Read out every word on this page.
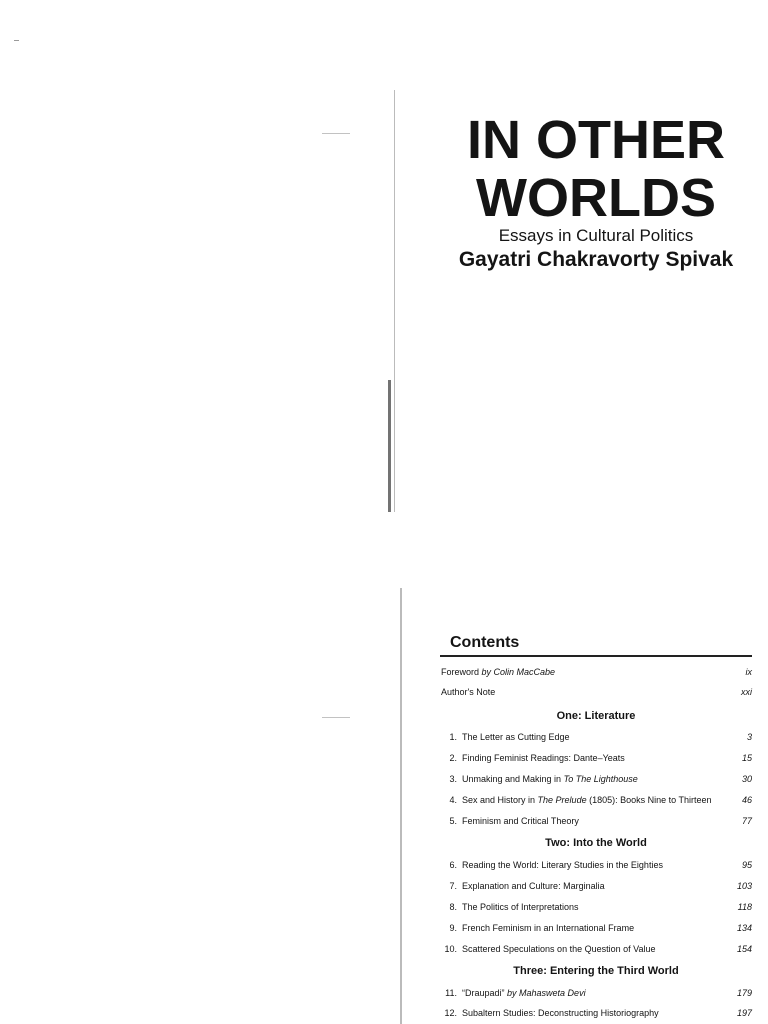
IN OTHER
WORLDS
Essays in Cultural Politics
Gayatri Chakravorty Spivak
Contents
Foreword by Colin MacCabe	ix
Author's Note	xxi
One: Literature
1. The Letter as Cutting Edge	3
2. Finding Feminist Readings: Dante–Yeats	15
3. Unmaking and Making in To The Lighthouse	30
4. Sex and History in The Prelude (1805): Books Nine to Thirteen	46
5. Feminism and Critical Theory	77
Two: Into the World
6. Reading the World: Literary Studies in the Eighties	95
7. Explanation and Culture: Marginalia	103
8. The Politics of Interpretations	118
9. French Feminism in an International Frame	134
10. Scattered Speculations on the Question of Value	154
Three: Entering the Third World
11. “Draupadi” by Mahasweta Devi	179
12. Subaltern Studies: Deconstructing Historiography	197
